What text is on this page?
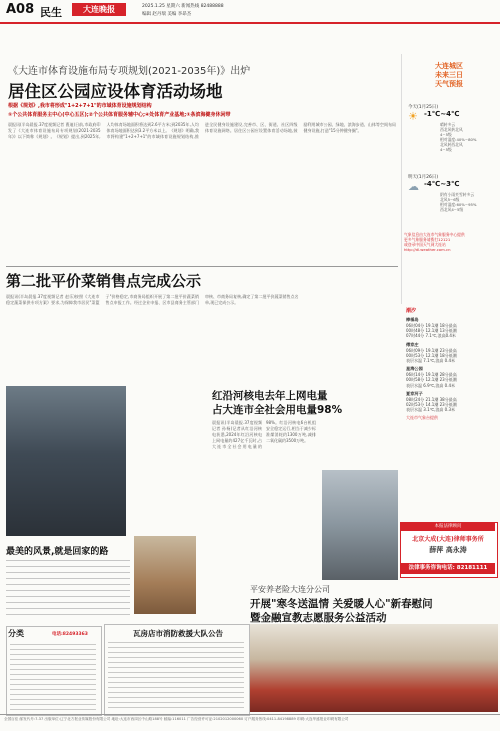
A08 民生	大连晚报	2025.1.25 星期六 新闻热线 82488888
编辑 赵丹瑞 美编 李昂杰
《大连市体育设施布局专项规划(2021-2035年)》出炉
居住区公园应设体育活动场地
根据《规划》,我市将形成"1+2+7+1"的市域体育设施规划结构
①个公共体育服务主中心(中心五区);②个公共体育服务辅中心;④处体育产业基地;①条滨海健身休闲带
晨报讯(半岛晨报.37度视频记者 曹迪)日前,市政府印发了《大连市体育设施布局专项规划(2021-2035年)》以下简称《规划》。《规划》提出,到2025年,人均体育场地面积将达到2.6平方米;到2035年,人均体育场地面积达到3.2平方米以上。《规划》明确,我市将构建"1+2+7+1"的市域体育设施规划结构,推进全民健身设施建设,完善市、区、街道、社区四级体育设施网络。居住区公园应设置体育活动场地,鼓励利用城市公园、绿地、滨海步道、山体等空间布局健身设施,打造"15分钟健身圈"。
大连城区
未来三日
天气预报
今天(1月25日)
☀ -1℃~4℃
晴转多云
西北风转北风
4~5级
相对湿度:40%~80%
北风转西北风
4~5级
明天(1月26日)
☁ -4℃~3℃
阴有小雨夹雪转多云
北风5~6级
相对湿度:60%~95%
西北风4~5级
气象信息由大连市气象服务中心提供
更多气象服务请拨打12121
或登录中国天气网大连站
http://dl.weather.com.cn
第二批平价菜销售点完成公示
晨报讯(半岛晨报.37度视频记者 赵乐)按照《大连市稳定蔬菜保供专项方案》要求,为保障我市居民"菜篮子"价格稳定,市商务局组织开展了第二批平价蔬菜销售点申报工作。经过企业申报、区市县商务主管部门审核、市商务局复核,确定了第二批平价蔬菜销售点名单,现已完成公示。
潮汐
棒棰岛
06时04分 19.1潮 18分最高
00时48分 12.1潮 13分低潮
07时44分 7.1℃,浪高0.4米
傅家庄
06时09分 19.1潮 23分最高
00时53分 12.1潮 18分低潮
表层水温 7.1℃,浪高 0.4米
星海公园
06时14分 19.1潮 28分最高
00时58分 12.1潮 23分低潮
表层水温 6.9℃,浪高 0.4米
夏家河子
08时24分 21.1潮 38分最高
02时53分 14.1潮 23分低潮
表层水温 3.1℃,浪高 0.3米
大连市气象台提供
最美的风景,就是回家的路
红沿河核电去年上网电量
占大连市全社会用电量98%
晨报讯(半岛晨报.37度视频记者 孙杨)记者从红沿河核电获悉,2024年红沿河核电上网电量约427亿千瓦时,占大连市全社会用电量的98%。红沿河核电6台机组安全稳定运行,相当于减少标准煤消耗约1300万吨,减排二氧化碳约3500万吨。
本报法律顾问
北京大成(大连)律师事务所
薛萍 高永涛
法律事务咨询电话: 82181111
平安养老险大连分公司
开展"寒冬送温情 关爱暖人心"新春慰问
暨金融宣教志愿服务公益活动
分类	电话:82493363	瓦房店市消防救援大队公告
全国百佳 邮发代号:7-37 出版单位:辽宁北方报业传媒股份有限公司 地址:大连市西岗区中山路188号 邮编:116011 广告经营许可证:2102012000060 订户服务热线:0411-84198889 印刷:大连华盛报业印刷有限公司
